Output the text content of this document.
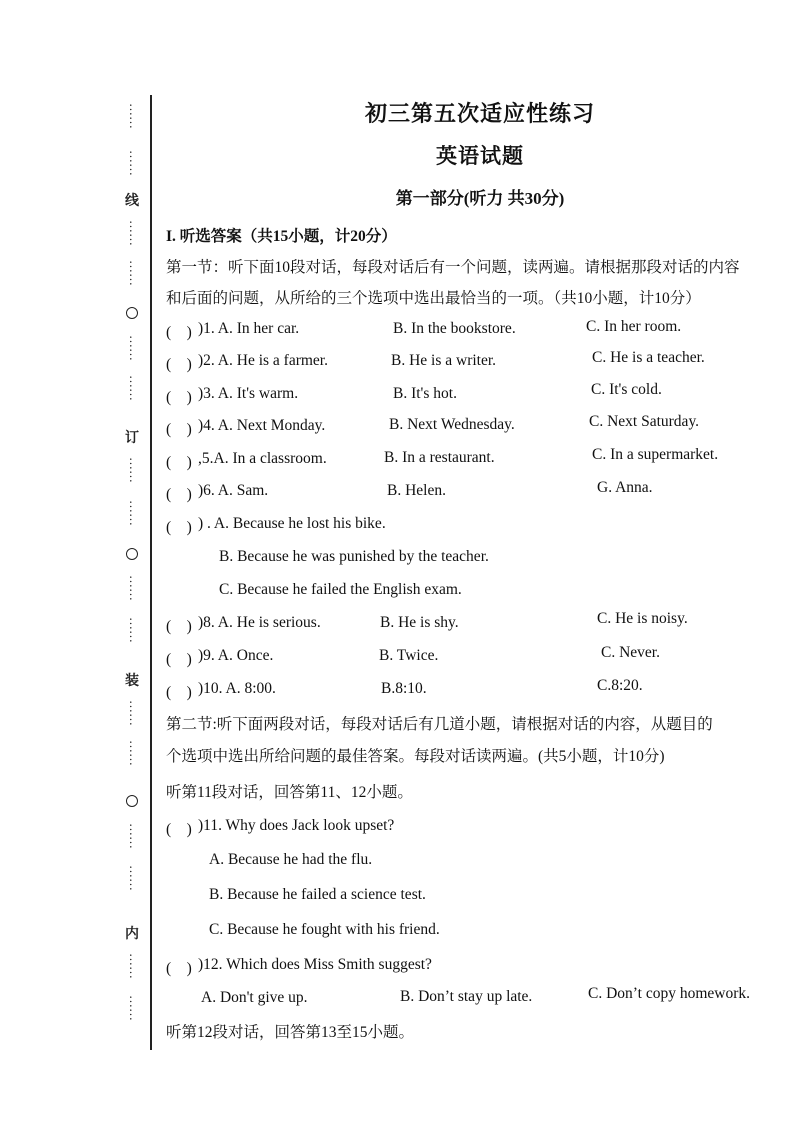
……
……
线
……
……
……
……
订
……
……
……
……
装
……
……
……
……
内
……
……
初三第五次适应性练习
英语试题
第一部分(听力 共30分)
I. 听选答案（共15小题，计20分）
第一节：听下面10段对话，每段对话后有一个问题，读两遍。请根据那段对话的内容
和后面的问题，从所给的三个选项中选出最恰当的一项。（共10小题，计10分）
(　) )1. A. In her car.	B. In the bookstore.	C. In her room.
(　) )2. A. He is a farmer.	B. He is a writer.	C. He is a teacher.
(　) )3. A. It's warm.	B. It's hot.	C. It's cold.
(　) )4. A. Next Monday.	B. Next Wednesday.	C. Next Saturday.
(　) ,5.A. In a classroom.	B. In a restaurant.	C. In a supermarket.
(　) )6. A. Sam.	B. Helen.	G. Anna.
(　) ) . A. Because he lost his bike.
B. Because he was punished by the teacher.
C. Because he failed the English exam.
(　) )8. A. He is serious.	B. He is shy.	C. He is noisy.
(　) )9. A. Once.	B. Twice.	C. Never.
(　) )10. A. 8:00.	B.8:10.	C.8:20.
第二节:听下面两段对话，每段对话后有几道小题，请根据对话的内容，从题目的
个选项中选出所给问题的最佳答案。每段对话读两遍。(共5小题，计10分)
听第11段对话，回答第11、12小题。
(　) )11. Why does Jack look upset?
A. Because he had the flu.
B. Because he failed a science test.
C. Because he fought with his friend.
(　) )12. Which does Miss Smith suggest?
A. Don't give up.	B. Don’t stay up late.	C. Don’t copy homework.
听第12段对话，回答第13至15小题。
